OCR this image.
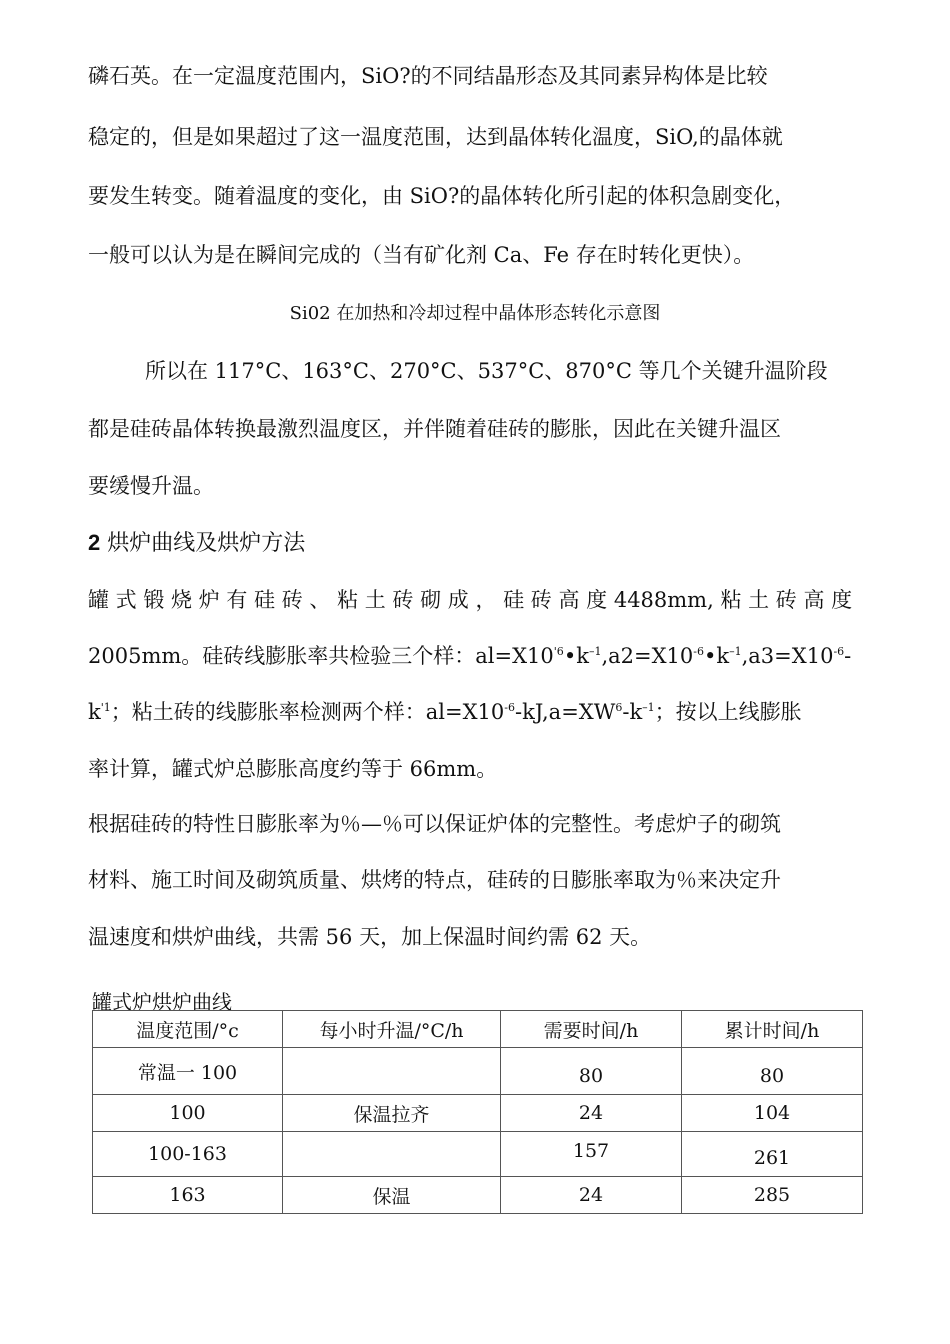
磷石英。在一定温度范围内，SiO?的不同结晶形态及其同素异构体是比较
稳定的，但是如果超过了这一温度范围，达到晶体转化温度，SiO,的晶体就
要发生转变。随着温度的变化，由 SiO?的晶体转化所引起的体积急剧变化，
一般可以认为是在瞬间完成的（当有矿化剂 Ca、Fe 存在时转化更快）。
Si02 在加热和冷却过程中晶体形态转化示意图
所以在 117°C、163°C、270°C、537°C、870°C 等几个关键升温阶段
都是硅砖晶体转换最激烈温度区，并伴随着硅砖的膨胀，因此在关键升温区
要缓慢升温。
2 烘炉曲线及烘炉方法
罐 式 锻 烧 炉 有 硅 砖 、 粘 土 砖 砌 成 ， 硅 砖 高 度 4488mm, 粘 土 砖 高 度
2005mm。硅砖线膨胀率共检验三个样：$al=X10^{'6}•k^{-1},a2=X10^{-6}•k^{-1},a3=X10^{-6}-$
$k^{'1}$；粘土砖的线膨胀率检测两个样：$al=X10^{-6}-kJ,a=XW^6-k^{-1}$；按以上线膨胀
率计算，罐式炉总膨胀高度约等于 66mm。
根据硅砖的特性日膨胀率为％—％可以保证炉体的完整性。考虑炉子的砌筑
材料、施工时间及砌筑质量、烘烤的特点，硅砖的日膨胀率取为％来决定升
温速度和烘炉曲线，共需 56 天，加上保温时间约需 62 天。
罐式炉烘炉曲线
温度范围/°c	每小时升温/°C/h	需要时间/h	累计时间/h
常温一 100		80	80
100	保温拉齐	24	104
100-163		157	261
163	保温	24	285
